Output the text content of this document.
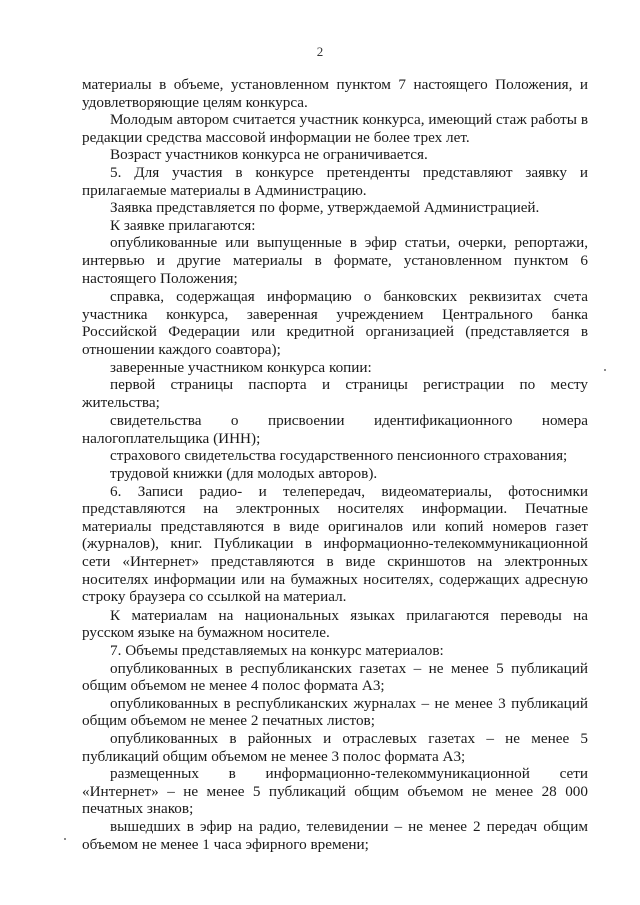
2

материалы в объеме, установленном пунктом 7 настоящего Положения, и удовлетворяющие целям конкурса.

Молодым автором считается участник конкурса, имеющий стаж работы в редакции средства массовой информации не более трех лет.

Возраст участников конкурса не ограничивается.

5. Для участия в конкурсе претенденты представляют заявку и прилагаемые материалы в Администрацию.

Заявка представляется по форме, утверждаемой Администрацией.

К заявке прилагаются:

опубликованные или выпущенные в эфир статьи, очерки, репортажи, интервью и другие материалы в формате, установленном пунктом 6 настоящего Положения;

справка, содержащая информацию о банковских реквизитах счета участника конкурса, заверенная учреждением Центрального банка Российской Федерации или кредитной организацией (представляется в отношении каждого соавтора);

заверенные участником конкурса копии:

первой страницы паспорта и страницы регистрации по месту жительства;

свидетельства о присвоении идентификационного номера налогоплательщика (ИНН);

страхового свидетельства государственного пенсионного страхования;

трудовой книжки (для молодых авторов).

6. Записи радио- и телепередач, видеоматериалы, фотоснимки представляются на электронных носителях информации. Печатные материалы представляются в виде оригиналов или копий номеров газет (журналов), книг. Публикации в информационно-телекоммуникационной сети «Интернет» представляются в виде скриншотов на электронных носителях информации или на бумажных носителях, содержащих адресную строку браузера со ссылкой на материал.

К материалам на национальных языках прилагаются переводы на русском языке на бумажном носителе.

7. Объемы представляемых на конкурс материалов:

опубликованных в республиканских газетах – не менее 5 публикаций общим объемом не менее 4 полос формата А3;

опубликованных в республиканских журналах – не менее 3 публикаций общим объемом не менее 2 печатных листов;

опубликованных в районных и отраслевых газетах – не менее 5 публикаций общим объемом не менее 3 полос формата А3;

размещенных в информационно-телекоммуникационной сети «Интернет» – не менее 5 публикаций общим объемом не менее 28 000 печатных знаков;

вышедших в эфир на радио, телевидении – не менее 2 передач общим объемом не менее 1 часа эфирного времени;
